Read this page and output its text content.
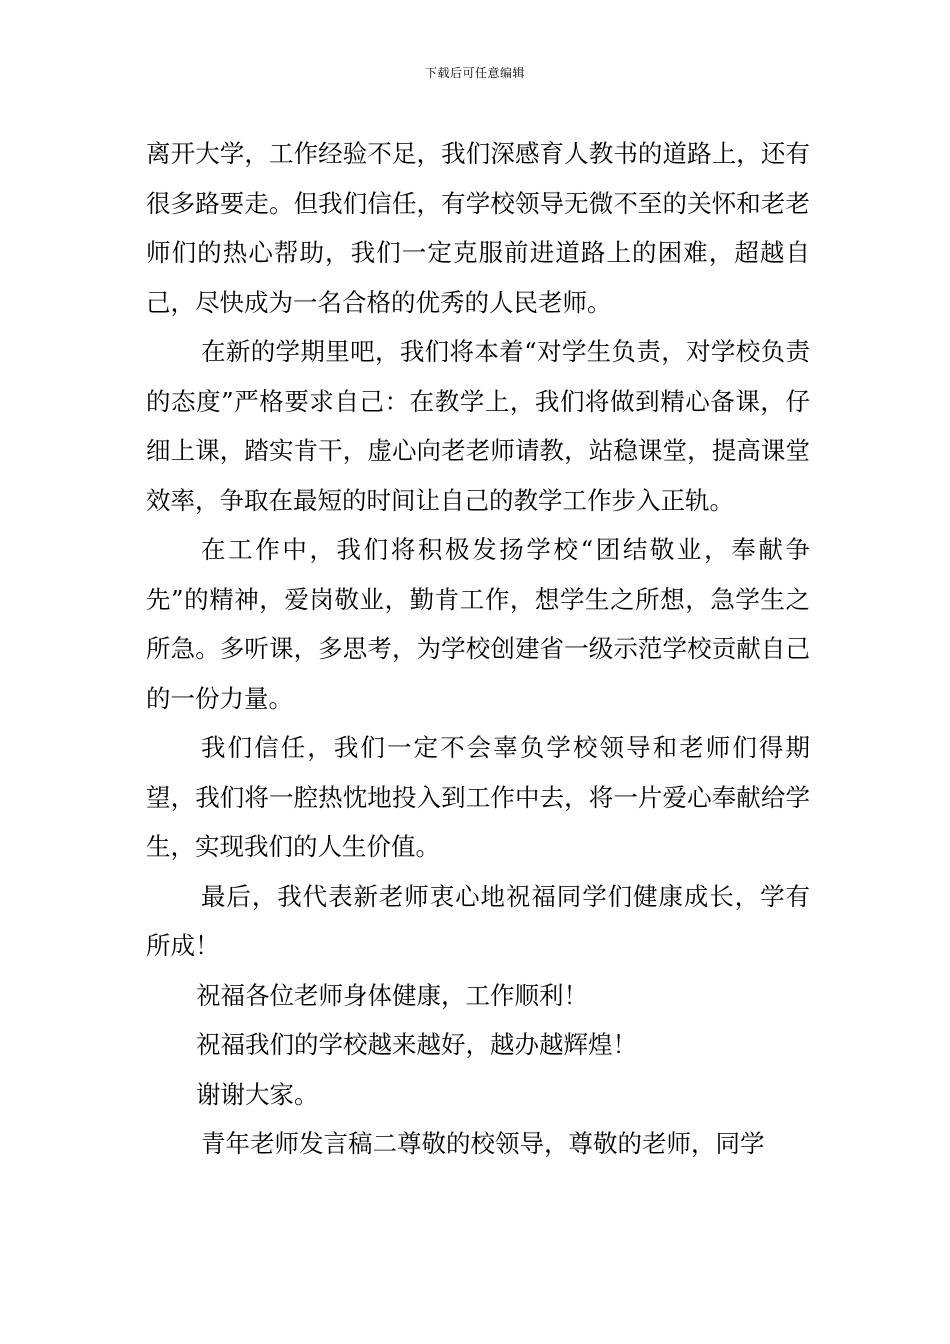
下载后可任意编辑

离开大学，工作经验不足，我们深感育人教书的道路上，还有很多路要走。但我们信任，有学校领导无微不至的关怀和老老师们的热心帮助，我们一定克服前进道路上的困难，超越自己，尽快成为一名合格的优秀的人民老师。

在新的学期里吧，我们将本着“对学生负责，对学校负责的态度”严格要求自己：在教学上，我们将做到精心备课，仔细上课，踏实肯干，虚心向老老师请教，站稳课堂，提高课堂效率，争取在最短的时间让自己的教学工作步入正轨。

在工作中，我们将积极发扬学校“团结敬业，奉献争先”的精神，爱岗敬业，勤肯工作，想学生之所想，急学生之所急。多听课，多思考，为学校创建省一级示范学校贡献自己的一份力量。

我们信任，我们一定不会辜负学校领导和老师们得期望，我们将一腔热忱地投入到工作中去，将一片爱心奉献给学生，实现我们的人生价值。

最后，我代表新老师衷心地祝福同学们健康成长，学有所成！

祝福各位老师身体健康，工作顺利！

祝福我们的学校越来越好，越办越辉煌！

谢谢大家。

青年老师发言稿二尊敬的校领导，尊敬的老师，同学
